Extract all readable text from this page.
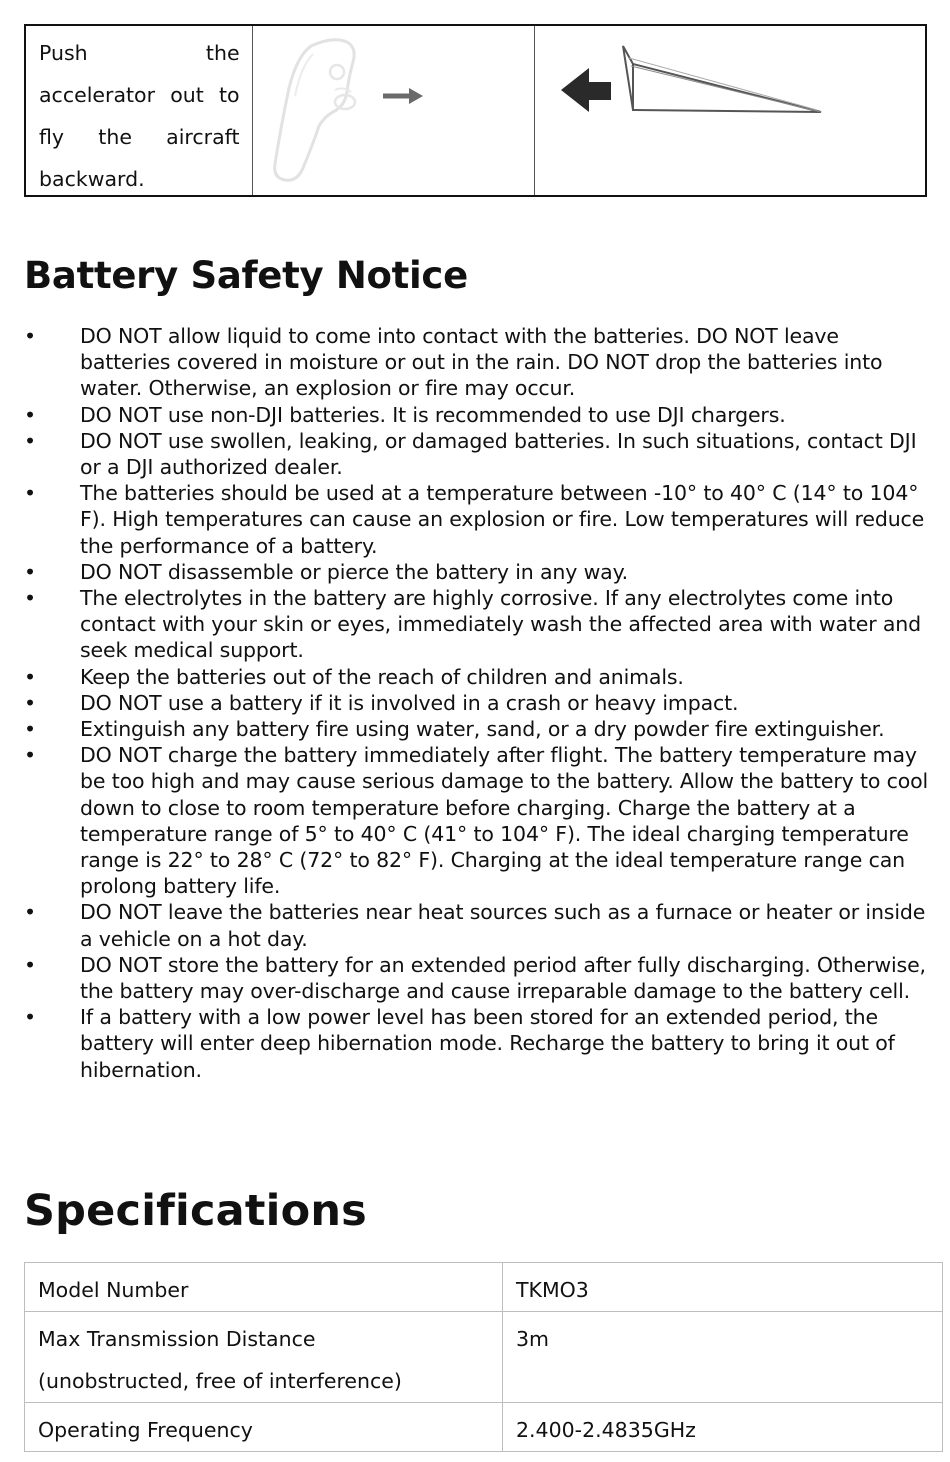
Push the accelerator out to fly the aircraft backward.

Battery Safety Notice
•	DO NOT allow liquid to come into contact with the batteries. DO NOT leave batteries covered in moisture or out in the rain. DO NOT drop the batteries into water. Otherwise, an explosion or fire may occur.
•	DO NOT use non-DJI batteries. It is recommended to use DJI chargers.
•	DO NOT use swollen, leaking, or damaged batteries. In such situations, contact DJI or a DJI authorized dealer.
•	The batteries should be used at a temperature between -10° to 40° C (14° to 104° F). High temperatures can cause an explosion or fire. Low temperatures will reduce the performance of a battery.
•	DO NOT disassemble or pierce the battery in any way.
•	The electrolytes in the battery are highly corrosive. If any electrolytes come into contact with your skin or eyes, immediately wash the affected area with water and seek medical support.
•	Keep the batteries out of the reach of children and animals.
•	DO NOT use a battery if it is involved in a crash or heavy impact.
•	Extinguish any battery fire using water, sand, or a dry powder fire extinguisher.
•	DO NOT charge the battery immediately after flight. The battery temperature may be too high and may cause serious damage to the battery. Allow the battery to cool down to close to room temperature before charging. Charge the battery at a temperature range of 5° to 40° C (41° to 104° F). The ideal charging temperature range is 22° to 28° C (72° to 82° F). Charging at the ideal temperature range can prolong battery life.
•	DO NOT leave the batteries near heat sources such as a furnace or heater or inside a vehicle on a hot day.
•	DO NOT store the battery for an extended period after fully discharging. Otherwise, the battery may over-discharge and cause irreparable damage to the battery cell.
•	If a battery with a low power level has been stored for an extended period, the battery will enter deep hibernation mode. Recharge the battery to bring it out of hibernation.
Specifications
Model Number	TKMO3
Max Transmission Distance
(unobstructed, free of interference)	3m
Operating Frequency	2.400-2.4835GHz
